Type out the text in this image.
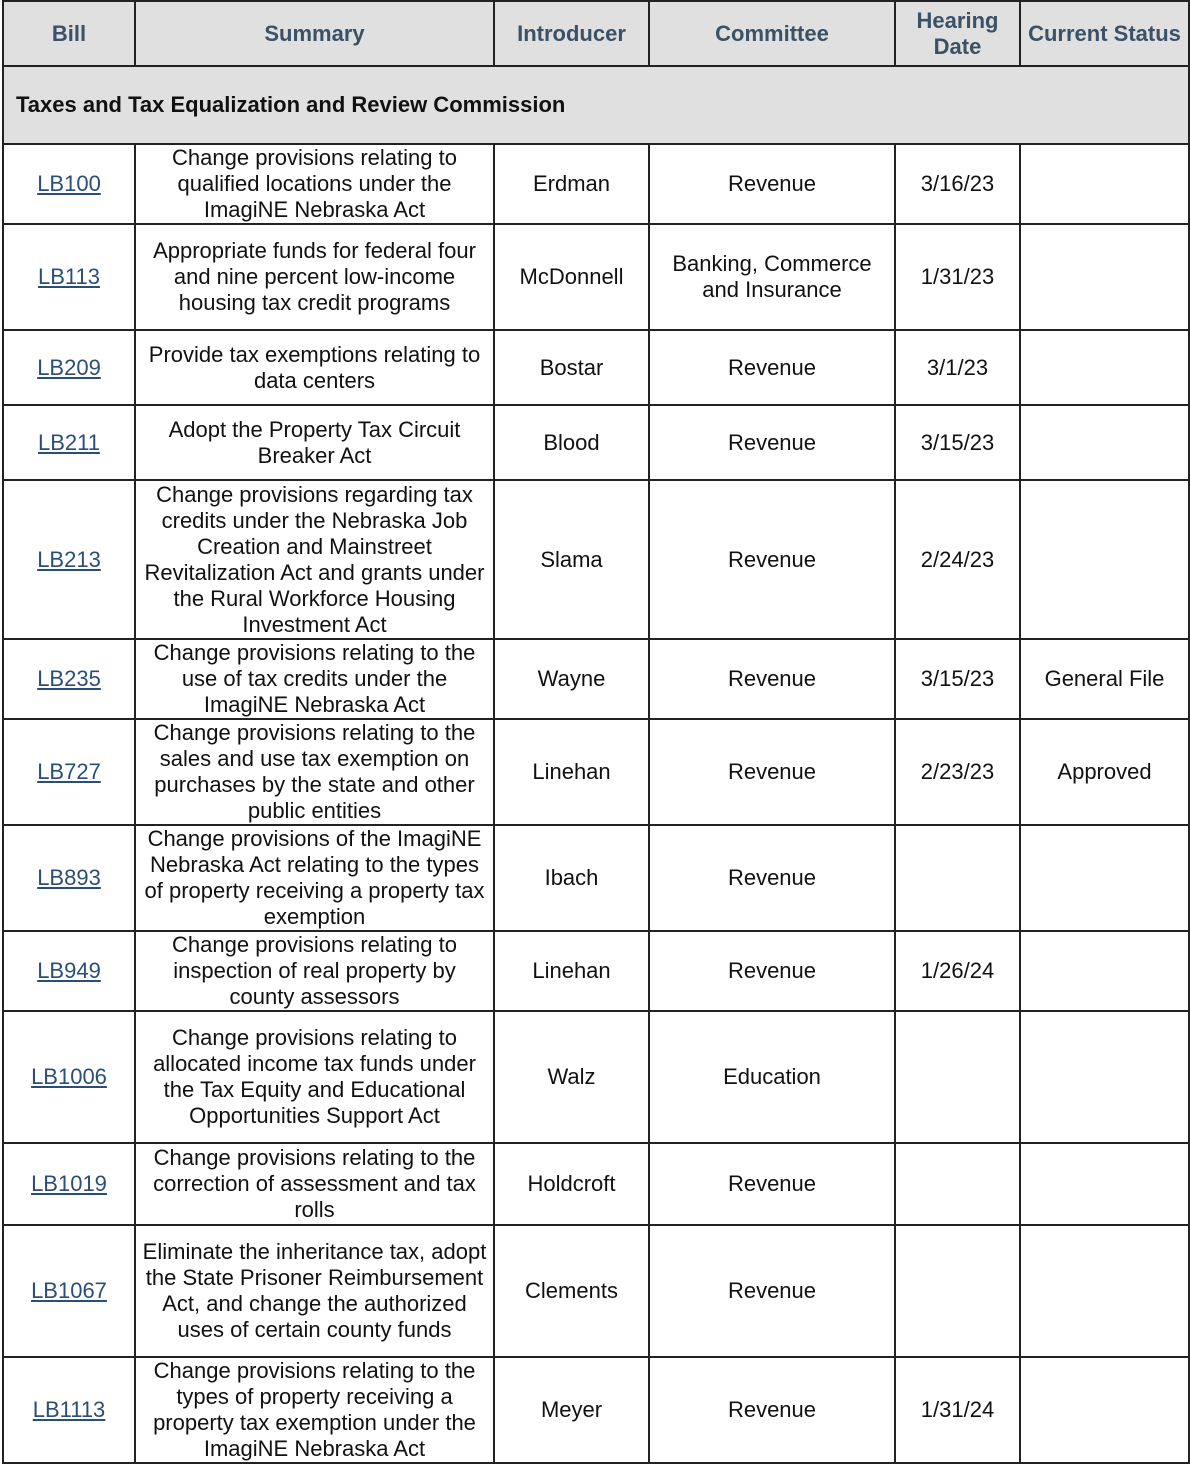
Bill	Summary	Introducer	Committee	Hearing Date	Current Status
Taxes and Tax Equalization and Review Commission					
LB100	Change provisions relating to qualified locations under the ImagiNE Nebraska Act	Erdman	Revenue	3/16/23	
LB113	Appropriate funds for federal four and nine percent low-income housing tax credit programs	McDonnell	Banking, Commerce and Insurance	1/31/23	
LB209	Provide tax exemptions relating to data centers	Bostar	Revenue	3/1/23	
LB211	Adopt the Property Tax Circuit Breaker Act	Blood	Revenue	3/15/23	
LB213	Change provisions regarding tax credits under the Nebraska Job Creation and Mainstreet Revitalization Act and grants under the Rural Workforce Housing Investment Act	Slama	Revenue	2/24/23	
LB235	Change provisions relating to the use of tax credits under the ImagiNE Nebraska Act	Wayne	Revenue	3/15/23	General File
LB727	Change provisions relating to the sales and use tax exemption on purchases by the state and other public entities	Linehan	Revenue	2/23/23	Approved
LB893	Change provisions of the ImagiNE Nebraska Act relating to the types of property receiving a property tax exemption	Ibach	Revenue		
LB949	Change provisions relating to inspection of real property by county assessors	Linehan	Revenue	1/26/24	
LB1006	Change provisions relating to allocated income tax funds under the Tax Equity and Educational Opportunities Support Act	Walz	Education		
LB1019	Change provisions relating to the correction of assessment and tax rolls	Holdcroft	Revenue		
LB1067	Eliminate the inheritance tax, adopt the State Prisoner Reimbursement Act, and change the authorized uses of certain county funds	Clements	Revenue		
LB1113	Change provisions relating to the types of property receiving a property tax exemption under the ImagiNE Nebraska Act	Meyer	Revenue	1/31/24	
